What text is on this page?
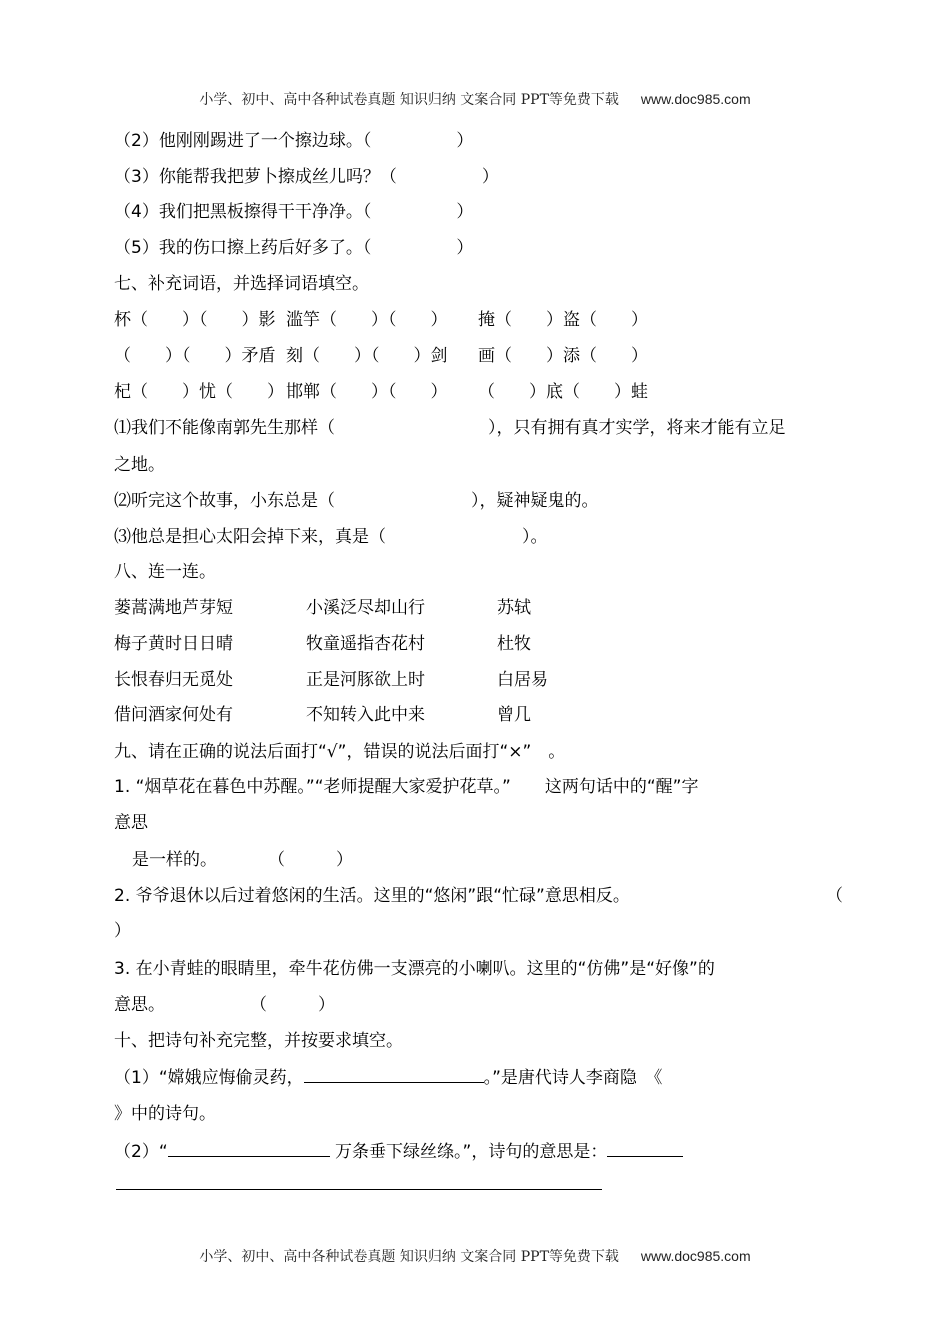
小学、初中、高中各种试卷真题 知识归纳 文案合同 PPT等免费下载 www.doc985.com
（2）他刚刚踢进了一个擦边球。（　　　　　）
（3）你能帮我把萝卜擦成丝儿吗？（　　　　　）
（4）我们把黑板擦得干干净净。（　　　　　）
（5）我的伤口擦上药后好多了。（　　　　　）
七、补充词语，并选择词语填空。
杯（　　）（　　）影 滥竽（　　）（　　） 掩（　　）盗（　　）
（　　）（　　）矛盾 刻（　　）（　　）剑 画（　　）添（　　）
杞（　　）忧（　　） 邯郸（　　）（　　） （　　）底（　　）蛙
⑴我们不能像南郭先生那样（　　　　　　　　　），只有拥有真才实学，将来才能有立足
之地。
⑵听完这个故事，小东总是（　　　　　　　　），疑神疑鬼的。
⑶他总是担心太阳会掉下来，真是（　　　　　　　　）。
八、连一连。
蒌蒿满地芦芽短	小溪泛尽却山行	苏轼
梅子黄时日日晴	牧童遥指杏花村	杜牧
长恨春归无觅处	正是河豚欲上时	白居易
借问酒家何处有	不知转入此中来	曾几
九、请在正确的说法后面打“√”，错误的说法后面打“×”　。
1. “烟草花在暮色中苏醒。”“老师提醒大家爱护花草。”　　这两句话中的“醒”字
意思
是一样的。　　　　（　　　）
2. 爷爷退休以后过着悠闲的生活。这里的“悠闲”跟“忙碌”意思相反。	（
）
3. 在小青蛙的眼睛里，牵牛花仿佛一支漂亮的小喇叭。这里的“仿佛”是“好像”的
意思。　　　　　　（　　　）
十、把诗句补充完整，并按要求填空。
（1）“嫦娥应悔偷灵药，	。”是唐代诗人李商隐　《
》中的诗句。
（2）“	万条垂下绿丝绦。”，诗句的意思是：
小学、初中、高中各种试卷真题 知识归纳 文案合同 PPT等免费下载 www.doc985.com
